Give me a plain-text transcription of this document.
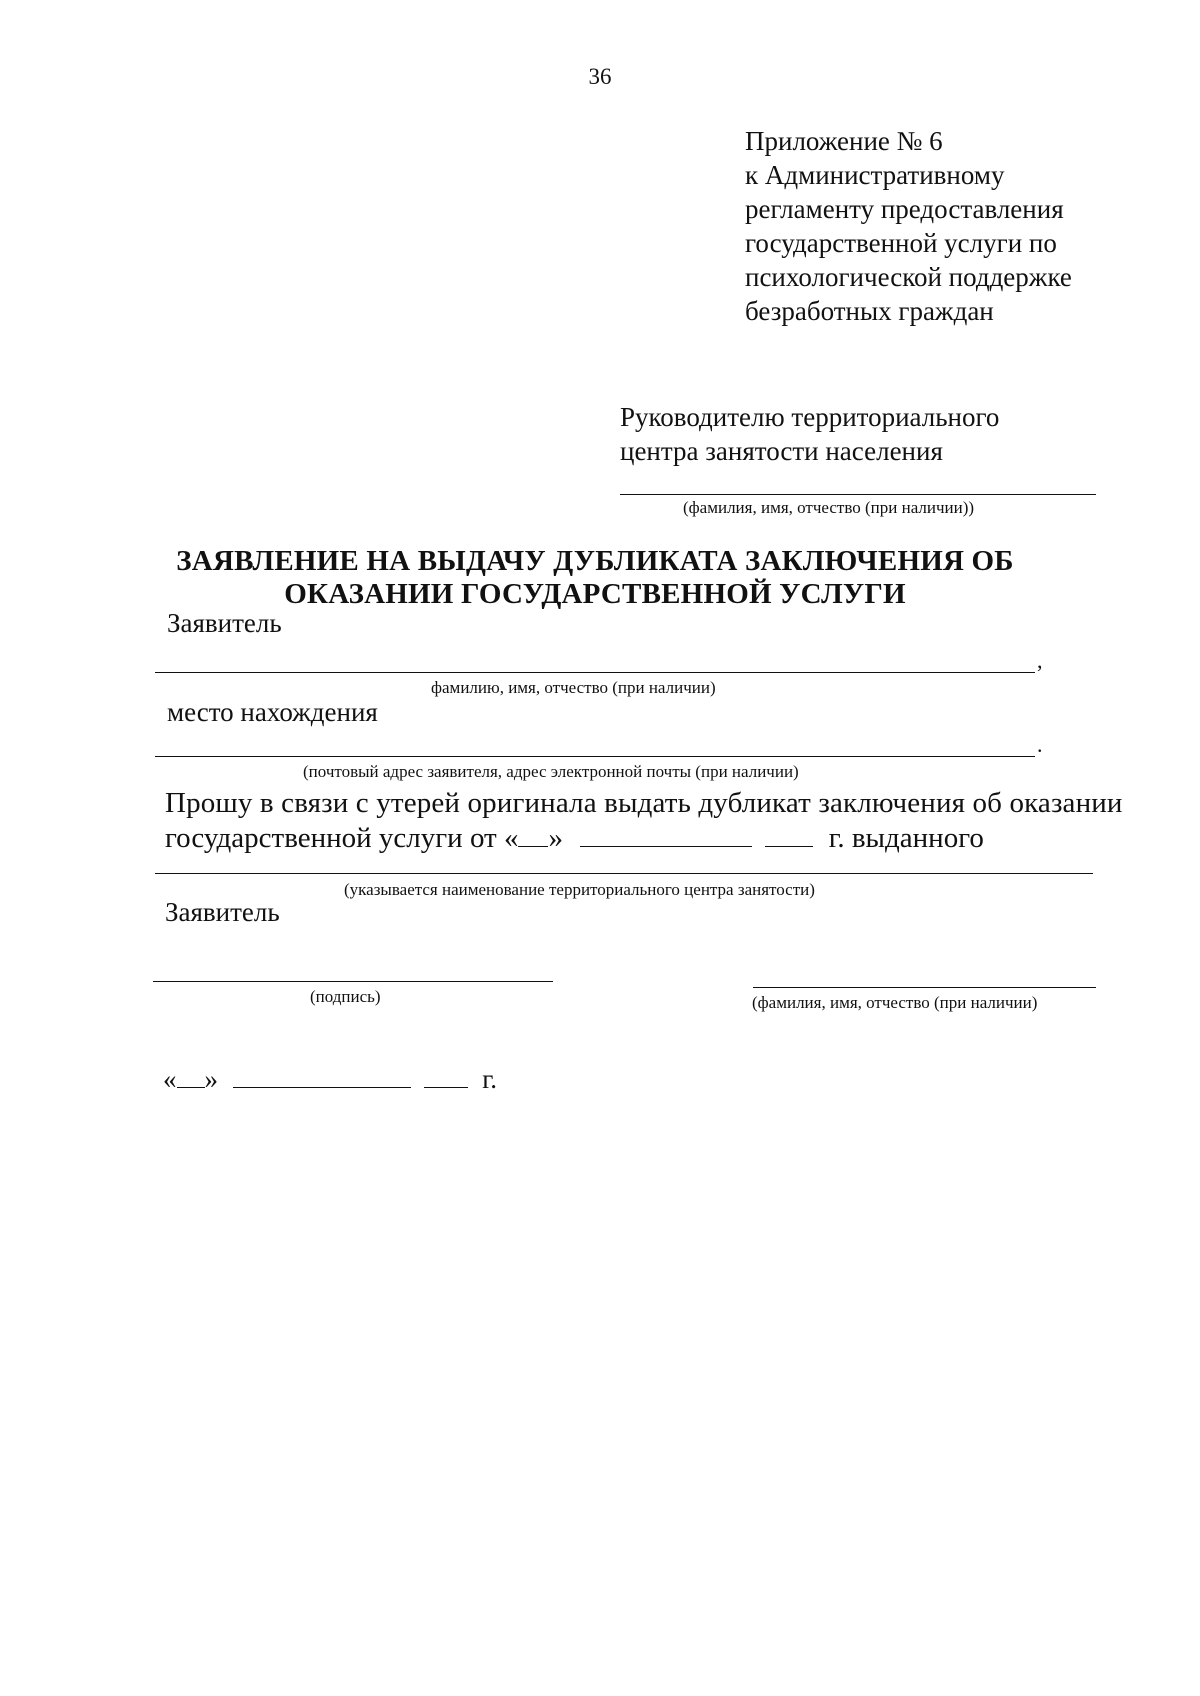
36
Приложение № 6
к Административному
регламенту предоставления
государственной услуги по
психологической поддержке
безработных граждан
Руководителю территориального
центра занятости населения
(фамилия, имя, отчество (при наличии))
ЗАЯВЛЕНИЕ НА ВЫДАЧУ ДУБЛИКАТА ЗАКЛЮЧЕНИЯ ОБ
ОКАЗАНИИ ГОСУДАРСТВЕННОЙ УСЛУГИ
Заявитель
,
фамилию, имя, отчество (при наличии)
место нахождения
.
(почтовый адрес заявителя, адрес электронной почты (при наличии)
Прошу в связи с утерей оригинала выдать дубликат заключения об оказании
государственной услуги от « »	г. выданного
(указывается наименование территориального центра занятости)
Заявитель
(подпись)	(фамилия, имя, отчество (при наличии)
« »	г.
